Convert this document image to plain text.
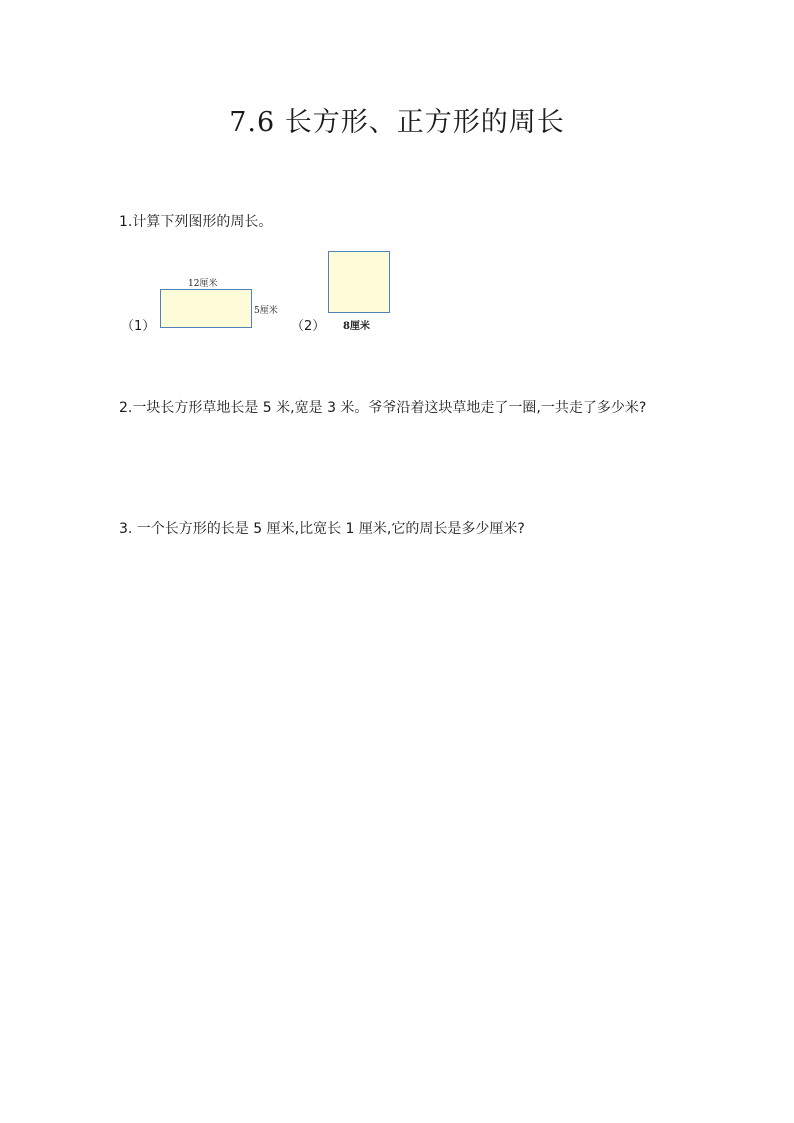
7.6 长方形、正方形的周长
1.计算下列图形的周长。
（1）
12厘米
5厘米
（2） 8厘米
2.一块长方形草地长是 5 米,宽是 3 米。爷爷沿着这块草地走了一圈,一共走了多少米?
3. 一个长方形的长是 5 厘米,比宽长 1 厘米,它的周长是多少厘米?
